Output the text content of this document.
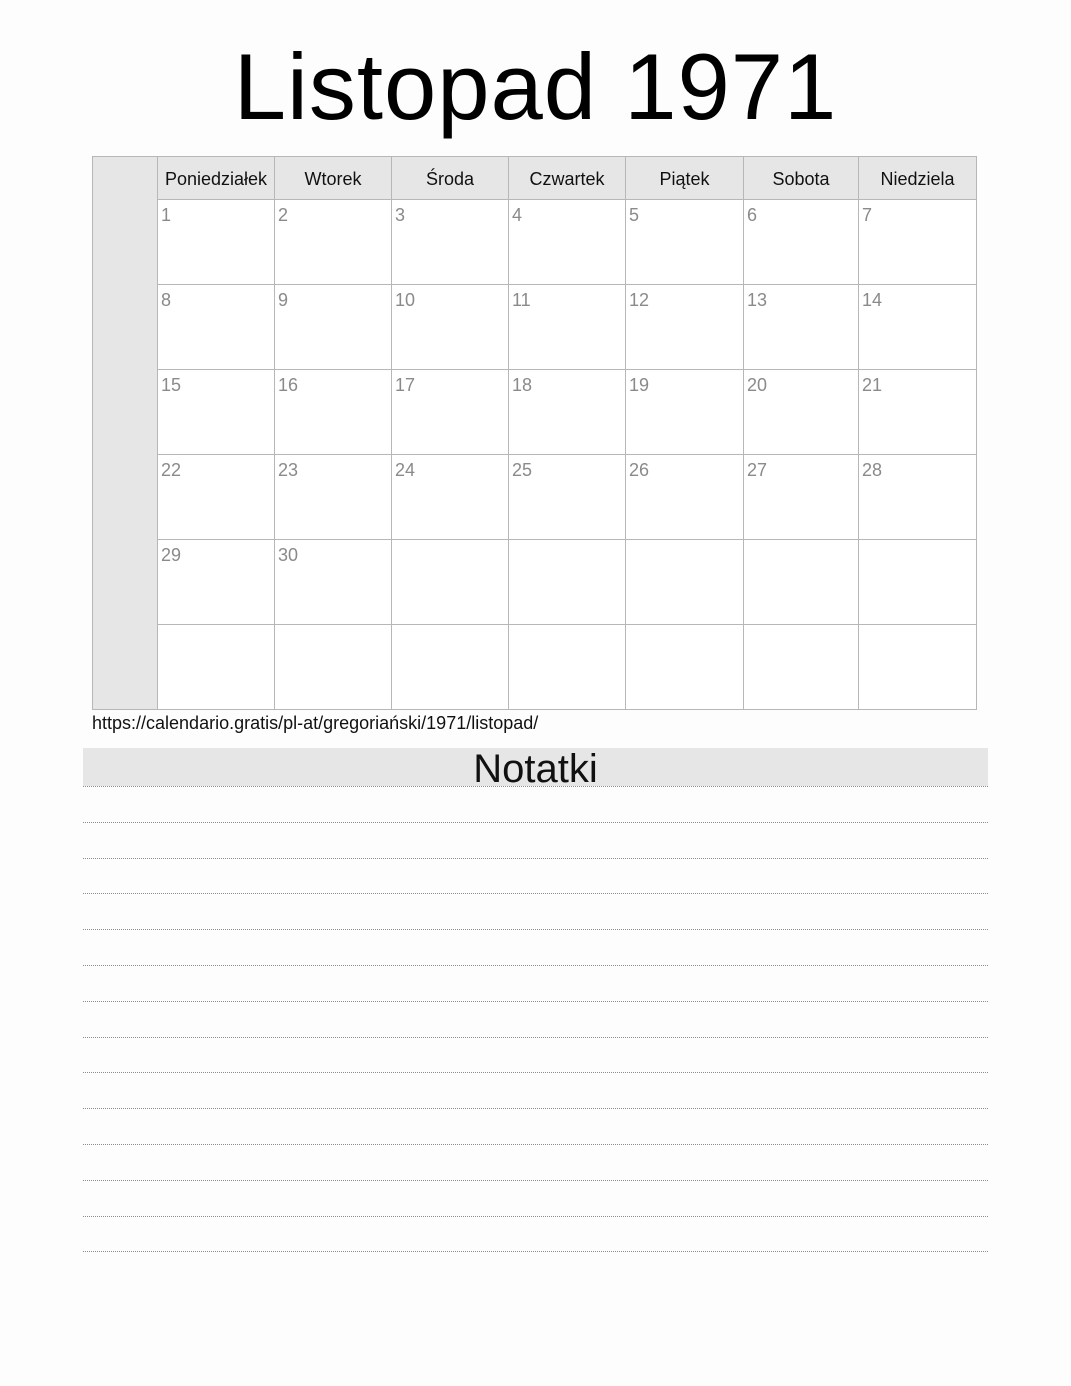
Listopad 1971
Poniedziałek	Wtorek	Środa	Czwartek	Piątek	Sobota	Niedziela
1	2	3	4	5	6	7
8	9	10	11	12	13	14
15	16	17	18	19	20	21
22	23	24	25	26	27	28
29	30
https://calendario.gratis/pl-at/gregoriański/1971/listopad/
Notatki
